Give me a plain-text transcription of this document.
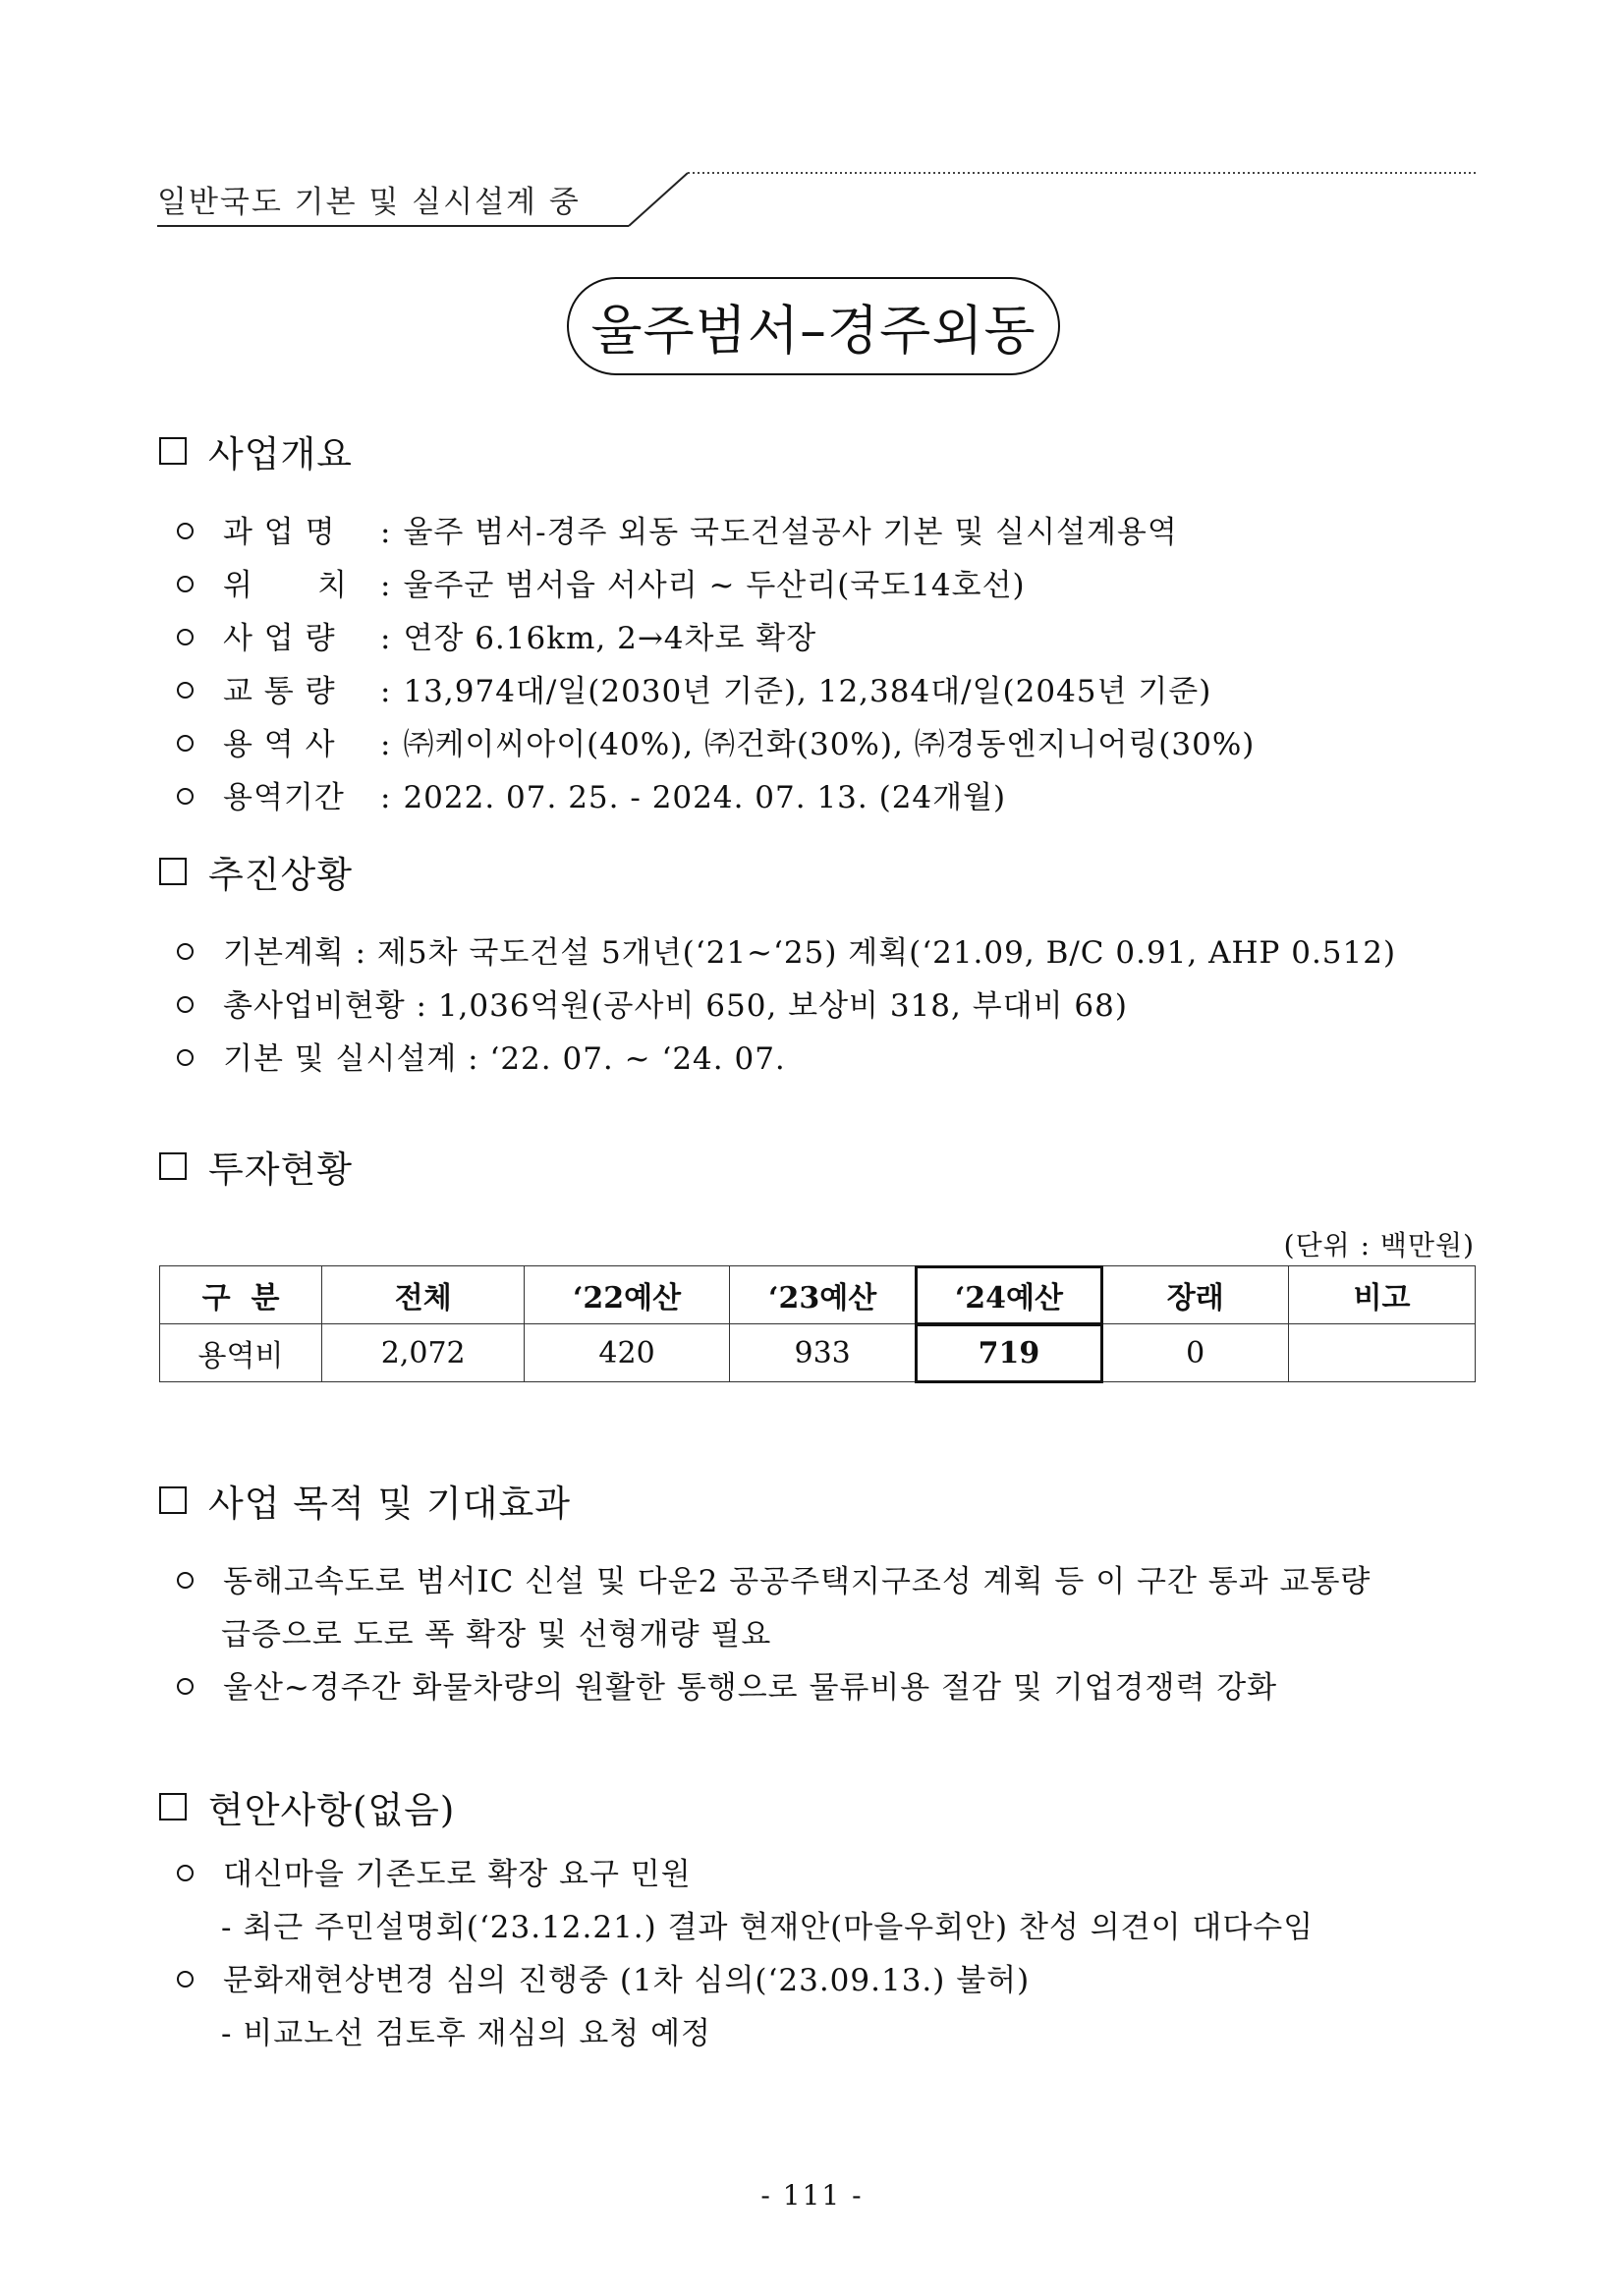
일반국도 기본 및 실시설계 중
울주범서–경주외동
사업개요
과 업 명	: 울주 범서-경주 외동 국도건설공사 기본 및 실시설계용역
위      치	: 울주군 범서읍 서사리 ~ 두산리(국도14호선)
사 업 량	: 연장 6.16km, 2→4차로 확장
교 통 량	: 13,974대/일(2030년 기준), 12,384대/일(2045년 기준)
용 역 사	: ㈜케이씨아이(40%), ㈜건화(30%), ㈜경동엔지니어링(30%)
용역기간	: 2022. 07. 25. - 2024. 07. 13. (24개월)
추진상황
기본계획 : 제5차 국도건설 5개년(‘21~‘25) 계획(‘21.09, B/C 0.91, AHP 0.512)
총사업비현황 : 1,036억원(공사비 650, 보상비 318, 부대비 68)
기본 및 실시설계 : ‘22. 07. ~ ‘24. 07.
투자현황
(단위 : 백만원)
구  분	전체	‘22예산	‘23예산	‘24예산	장래	비고
용역비	2,072	420	933	719	0	
사업 목적 및 기대효과
동해고속도로 범서IC 신설 및 다운2 공공주택지구조성 계획 등 이 구간 통과 교통량
급증으로 도로 폭 확장 및 선형개량 필요
울산~경주간 화물차량의 원활한 통행으로 물류비용 절감 및 기업경쟁력 강화
현안사항(없음)
대신마을 기존도로 확장 요구 민원
- 최근 주민설명회(‘23.12.21.) 결과 현재안(마을우회안) 찬성 의견이 대다수임
문화재현상변경 심의 진행중 (1차 심의(‘23.09.13.) 불허)
- 비교노선 검토후 재심의 요청 예정
- 111 -
